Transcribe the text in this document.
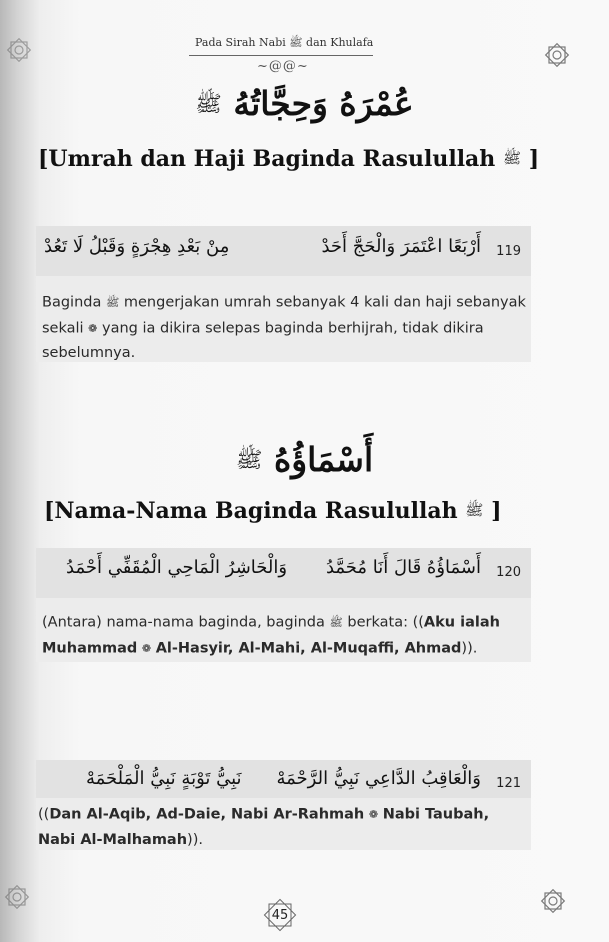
Pada Sirah Nabi ﷺ dan Khulafa
~@@~
عُمْرَهُ وَحِجَّاتُهُ ﷺ
[Umrah dan Haji Baginda Rasulullah ﷺ ]
119
أَرْبَعًا اعْتَمَرَ وَالْحَجَّ أَحَدْ
مِنْ بَعْدِ هِجْرَةٍ وَقَبْلُ لَا تَعُدْ
Baginda ﷺ mengerjakan umrah sebanyak 4 kali dan haji sebanyak sekali ❁ yang ia dikira selepas baginda berhijrah, tidak dikira sebelumnya.
أَسْمَاؤُهُ ﷺ
[Nama-Nama Baginda Rasulullah ﷺ ]
120
أَسْمَاؤُهُ قَالَ أَنَا مُحَمَّدُ
وَالْحَاشِرُ الْمَاحِي الْمُقَفِّي أَحْمَدُ
(Antara) nama-nama baginda, baginda ﷺ berkata: ((Aku ialah Muhammad ❁ Al-Hasyir, Al-Mahi, Al-Muqaffi, Ahmad)).
121
وَالْعَاقِبُ الدَّاعِي نَبِيُّ الرَّحْمَهْ
نَبِيُّ تَوْبَةٍ نَبِيُّ الْمَلْحَمَهْ
((Dan Al-Aqib, Ad-Daie, Nabi Ar-Rahmah ❁ Nabi Taubah, Nabi Al-Malhamah)).
45
